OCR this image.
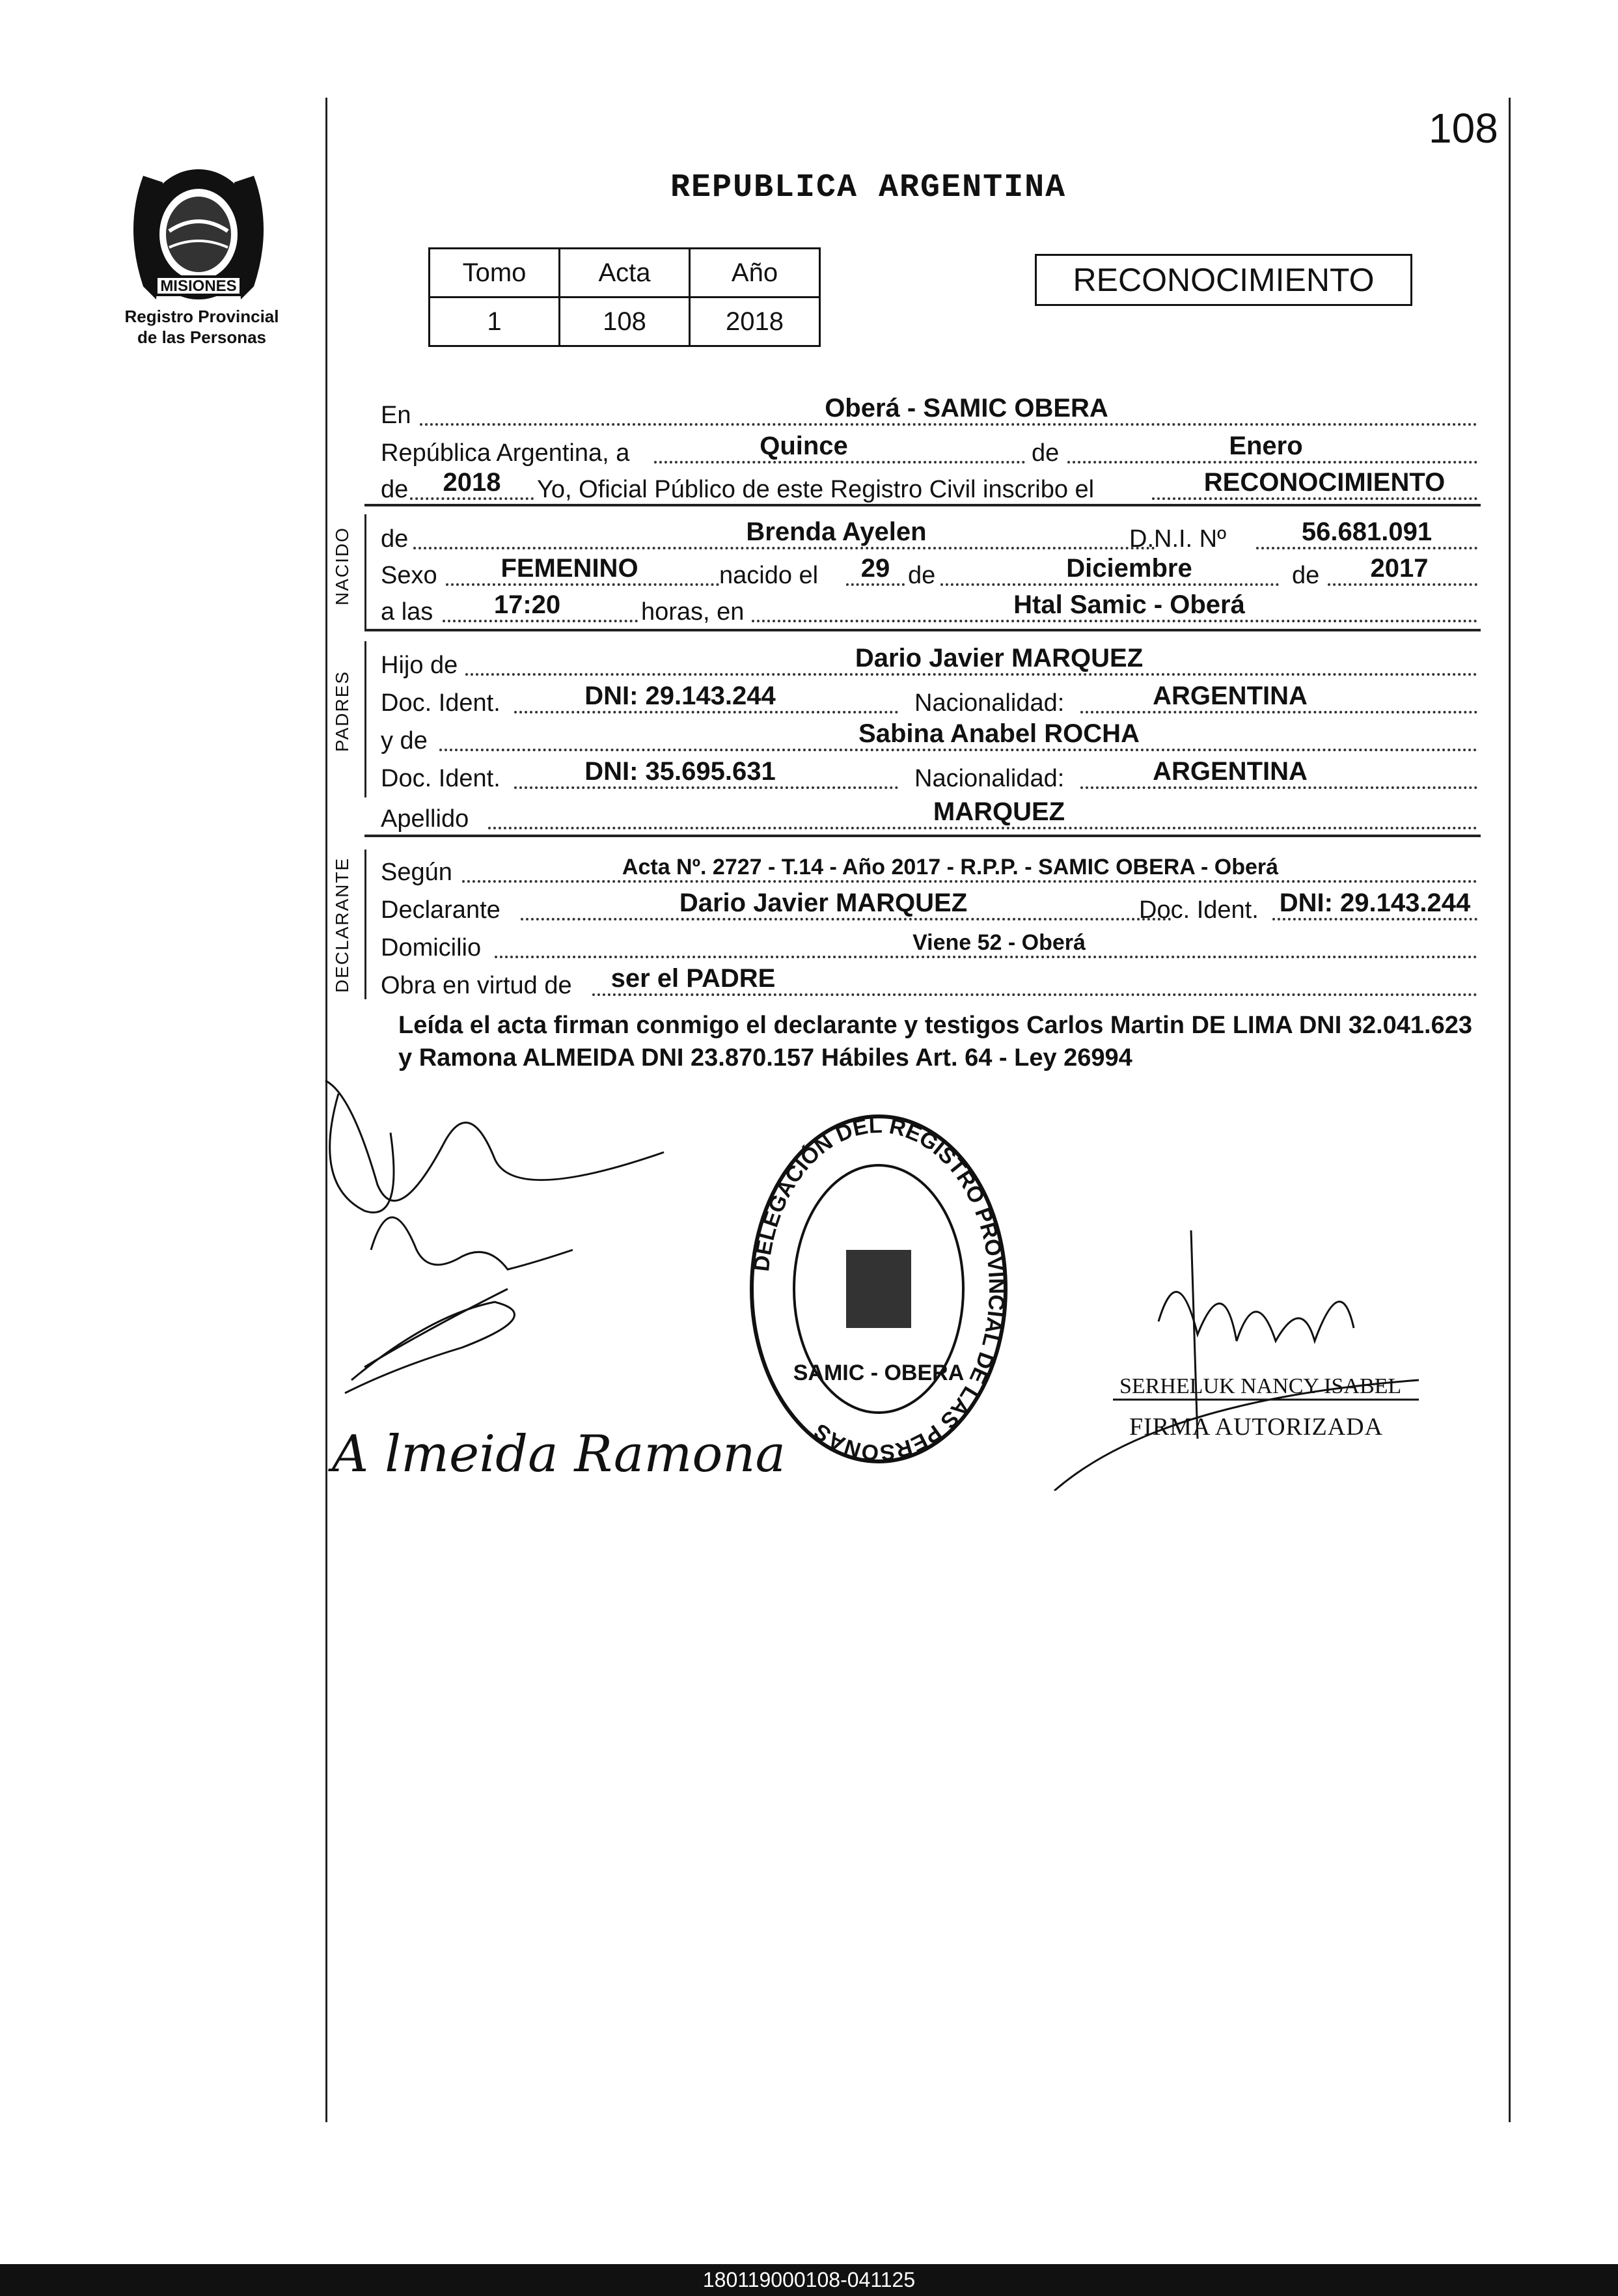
108
MISIONES
Registro Provincial
de las Personas
REPUBLICA ARGENTINA
Tomo	Acta	Año
1	108	2018
RECONOCIMIENTO
En	Oberá - SAMIC OBERA
República Argentina, a	Quince	de	Enero
de	2018	Yo, Oficial Público de este Registro Civil inscribo el	RECONOCIMIENTO
NACIDO de	Brenda Ayelen	D.N.I. Nº	56.681.091
Sexo	FEMENINO	nacido el	29 de	Diciembre	de	2017
a las	17:20	horas, en	Htal Samic - Oberá
PADRES
Hijo de	Dario Javier MARQUEZ
Doc. Ident.	DNI: 29.143.244	Nacionalidad:	ARGENTINA
y de	Sabina Anabel ROCHA
Doc. Ident.	DNI: 35.695.631	Nacionalidad:	ARGENTINA
Apellido	MARQUEZ
DECLARANTE Según	Acta Nº. 2727 - T.14 - Año 2017 - R.P.P. - SAMIC OBERA - Oberá
Declarante	Dario Javier MARQUEZ	Doc. Ident. DNI: 29.143.244
Domicilio	Viene 52 - Oberá
Obra en virtud de	ser el PADRE
Leída el acta firman conmigo el declarante y testigos Carlos Martin DE LIMA DNI 32.041.623 y Ramona ALMEIDA DNI 23.870.157 Hábiles Art. 64 - Ley 26994
A lmeida Ramona
DELEGACIÓN DEL REGISTRO PROVINCIAL DE LAS PERSONAS
SAMIC - OBERA
SERHELUK NANCY ISABEL
FIRMA AUTORIZADA
180119000108-041125
